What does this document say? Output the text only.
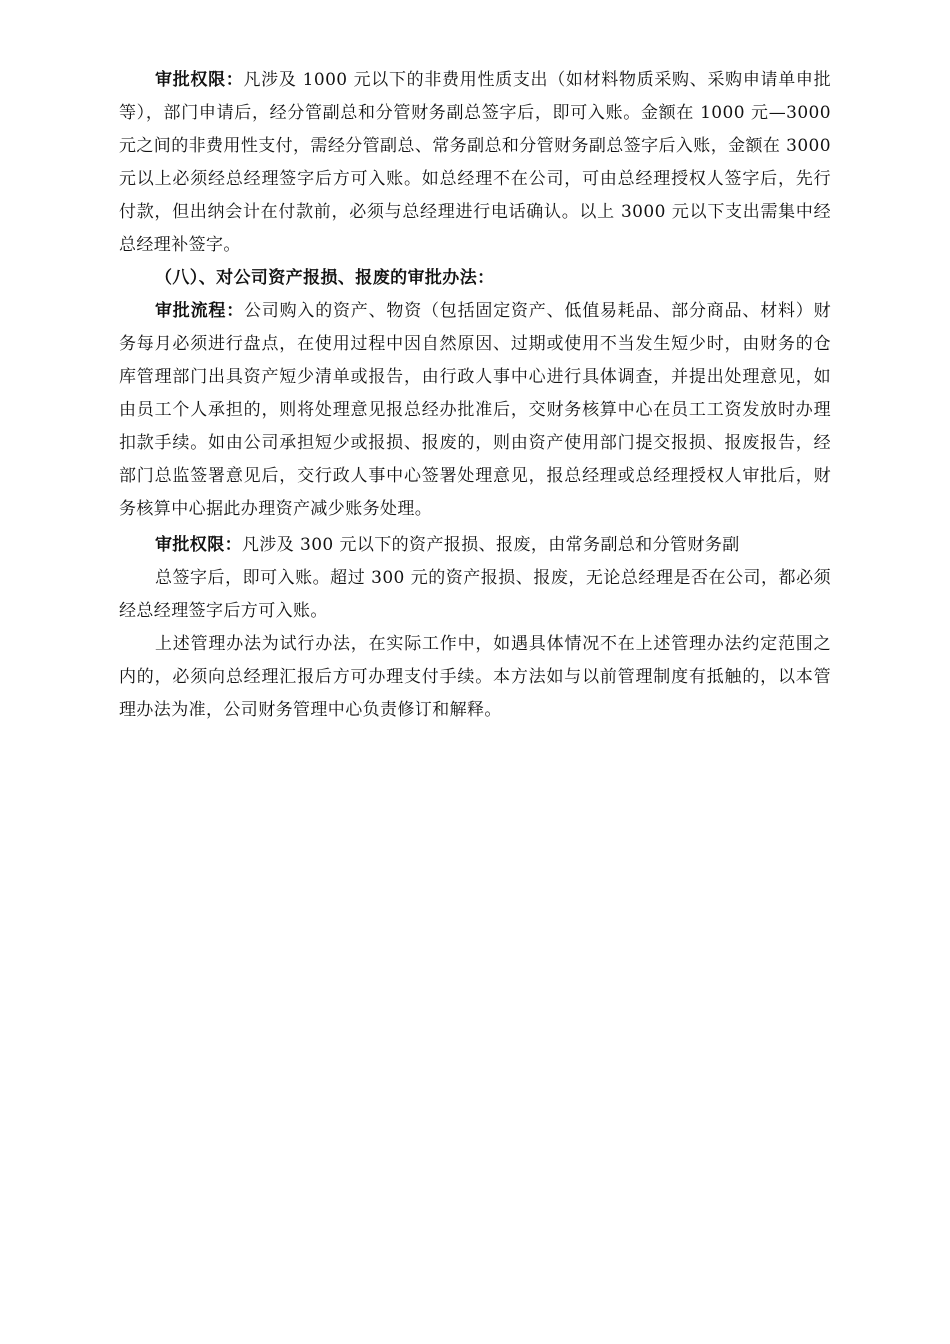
审批权限：凡涉及 1000 元以下的非费用性质支出（如材料物质采购、采购申请单申批等），部门申请后，经分管副总和分管财务副总签字后，即可入账。金额在 1000 元—3000 元之间的非费用性支付，需经分管副总、常务副总和分管财务副总签字后入账，金额在 3000 元以上必须经总经理签字后方可入账。如总经理不在公司，可由总经理授权人签字后，先行付款，但出纳会计在付款前，必须与总经理进行电话确认。以上 3000 元以下支出需集中经总经理补签字。

（八）、对公司资产报损、报废的审批办法：

审批流程：公司购入的资产、物资（包括固定资产、低值易耗品、部分商品、材料）财务每月必须进行盘点，在使用过程中因自然原因、过期或使用不当发生短少时，由财务的仓库管理部门出具资产短少清单或报告，由行政人事中心进行具体调查，并提出处理意见，如由员工个人承担的，则将处理意见报总经办批准后，交财务核算中心在员工工资发放时办理扣款手续。如由公司承担短少或报损、报废的，则由资产使用部门提交报损、报废报告，经部门总监签署意见后，交行政人事中心签署处理意见，报总经理或总经理授权人审批后，财务核算中心据此办理资产减少账务处理。

审批权限：凡涉及 300 元以下的资产报损、报废，由常务副总和分管财务副

总签字后，即可入账。超过 300 元的资产报损、报废，无论总经理是否在公司，都必须经总经理签字后方可入账。

上述管理办法为试行办法，在实际工作中，如遇具体情况不在上述管理办法约定范围之内的，必须向总经理汇报后方可办理支付手续。本方法如与以前管理制度有抵触的，以本管理办法为准，公司财务管理中心负责修订和解释。
